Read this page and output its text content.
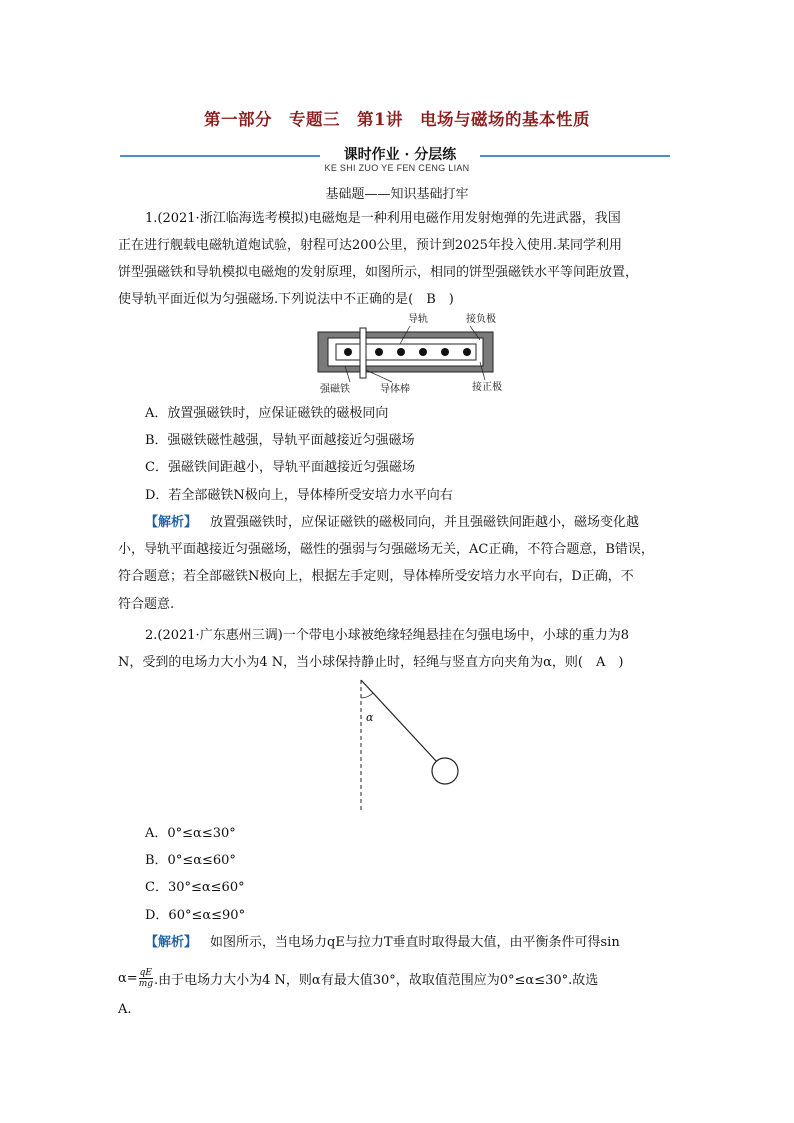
第一部分　专题三　第1讲　电场与磁场的基本性质
课时作业 · 分层练
KE SHI ZUO YE FEN CENG LIAN
基础题——知识基础打牢
1.(2021·浙江临海选考模拟)电磁炮是一种利用电磁作用发射炮弹的先进武器，我国
正在进行舰载电磁轨道炮试验，射程可达200公里，预计到2025年投入使用.某同学利用
饼型强磁铁和导轨模拟电磁炮的发射原理，如图所示，相同的饼型强磁铁水平等间距放置，
使导轨平面近似为匀强磁场.下列说法中不正确的是(　B　)
导轨	接负极
强磁铁	导体棒	接正极
A．放置强磁铁时，应保证磁铁的磁极同向
B．强磁铁磁性越强，导轨平面越接近匀强磁场
C．强磁铁间距越小，导轨平面越接近匀强磁场
D．若全部磁铁N极向上，导体棒所受安培力水平向右
【解析】 放置强磁铁时，应保证磁铁的磁极同向，并且强磁铁间距越小，磁场变化越
小，导轨平面越接近匀强磁场，磁性的强弱与匀强磁场无关，AC正确，不符合题意，B错误，
符合题意；若全部磁铁N极向上，根据左手定则，导体棒所受安培力水平向右，D正确，不
符合题意.
2.(2021·广东惠州三调)一个带电小球被绝缘轻绳悬挂在匀强电场中，小球的重力为8
N，受到的电场力大小为4 N，当小球保持静止时，轻绳与竖直方向夹角为α，则(　A　)
α
A．0°≤α≤30°
B．0°≤α≤60°
C．30°≤α≤60°
D．60°≤α≤90°
【解析】 如图所示，当电场力qE与拉力T垂直时取得最大值，由平衡条件可得sin
$\alpha= \frac{qE}{mg}$ .由于电场力大小为4 N，则α有最大值30°，故取值范围应为0°≤α≤30°.故选
A.
